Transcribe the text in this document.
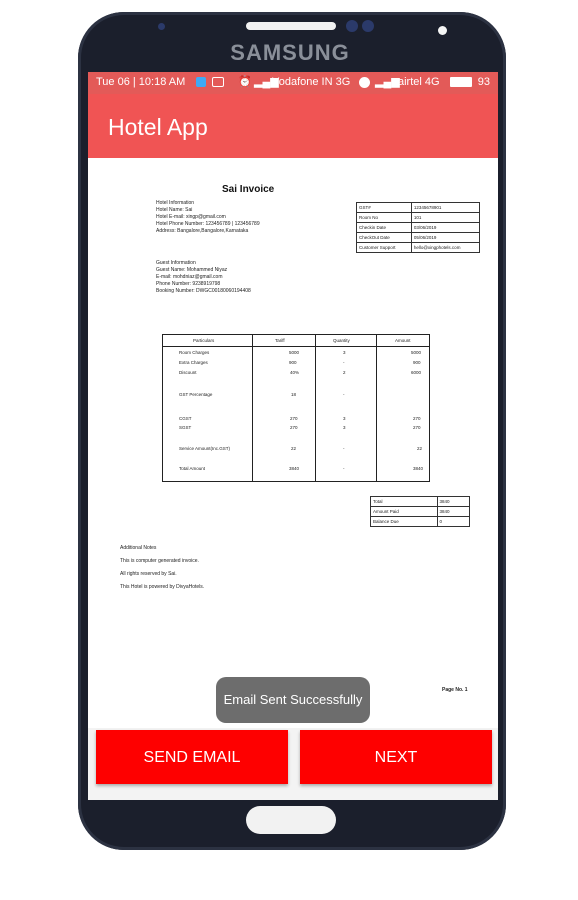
SAMSUNG
Tue 06 | 10:18 AM	⏰ ▂▄▆
Vodafone IN 3G ▂▄▆
airtel 4G	93
Hotel App
Sai Invoice
Hotel Information
Hotel Name: Sai
Hotel E-mail: xingp@gmail.com
Hotel Phone Number: 123456789 | 123456789
Address: Bangalore,Bangalore,Karnataka
Guest Information
Guest Name: Mohammed Niyaz
E-mail: mohdniaz@gmail.com
Phone Number: 9238919798
Booking Number: DWGC00180060194408
GST#	12345678901
Room No	101
Checkin Date	03/06/2019
CheckOut Date	05/06/2019
Customer Support	hello@xingphotels.com
Particulars	Tariff	Quantity	Amount
Room Charges	5000	3	5000
Extra Charges	900	-	900
Discount	40%	2	6000
GST Percentage	18	-
CGST	270	3	270
SGST	270	3	270
Service Amount(Inc.GST)	22	-	22
Total Amount	3840	-	3840
Total	3840
Amount Paid	3840
Balance Due	0
Additional Notes
This is computer generated invoice.
All rights reserved by Sai.
This Hotel is powered by DivyaHotels.
Page No. 1
Email Sent Successfully
SEND EMAIL	NEXT
